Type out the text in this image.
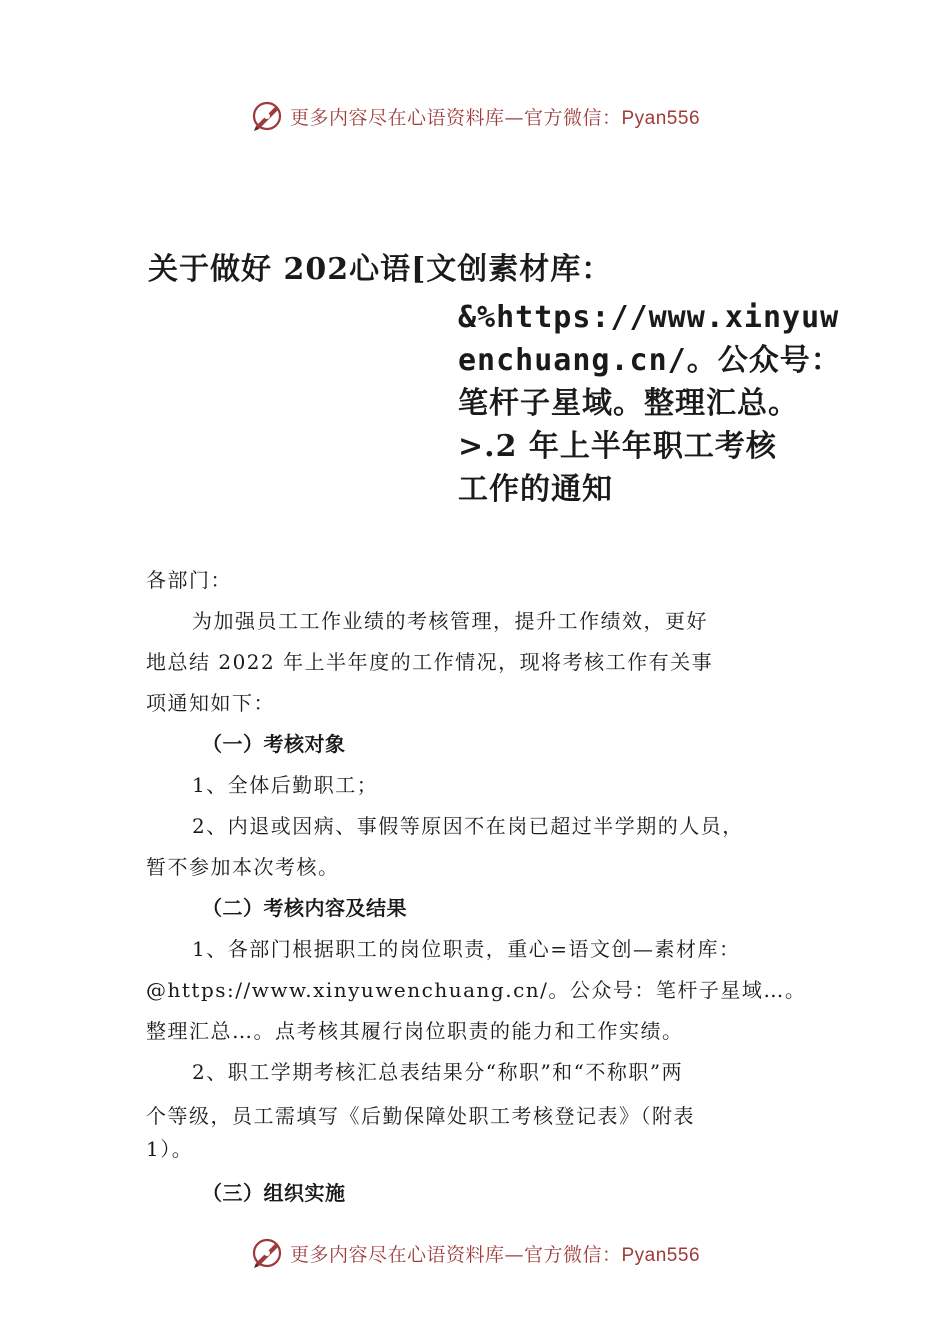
更多内容尽在心语资料库—官方微信：Pyan556
关于做好 202心语[文创素材库：
&%https://www.xinyuw
enchuang.cn/。公众号：
笔杆子星域。整理汇总。
>.2 年上半年职工考核
工作的通知

各部门：

为加强员工工作业绩的考核管理，提升工作绩效，更好

地总结 2022 年上半年度的工作情况，现将考核工作有关事

项通知如下：

（一）考核对象

1、全体后勤职工；

2、内退或因病、事假等原因不在岗已超过半学期的人员，

暂不参加本次考核。

（二）考核内容及结果

1、各部门根据职工的岗位职责，重心=语文创—素材库：

@https://www.xinyuwenchuang.cn/。公众号：笔杆子星域…。

整理汇总…。点考核其履行岗位职责的能力和工作实绩。

2、职工学期考核汇总表结果分“称职”和“不称职”两

个等级，员工需填写《后勤保障处职工考核登记表》（附表

1）。

（三）组织实施

更多内容尽在心语资料库—官方微信：Pyan556
